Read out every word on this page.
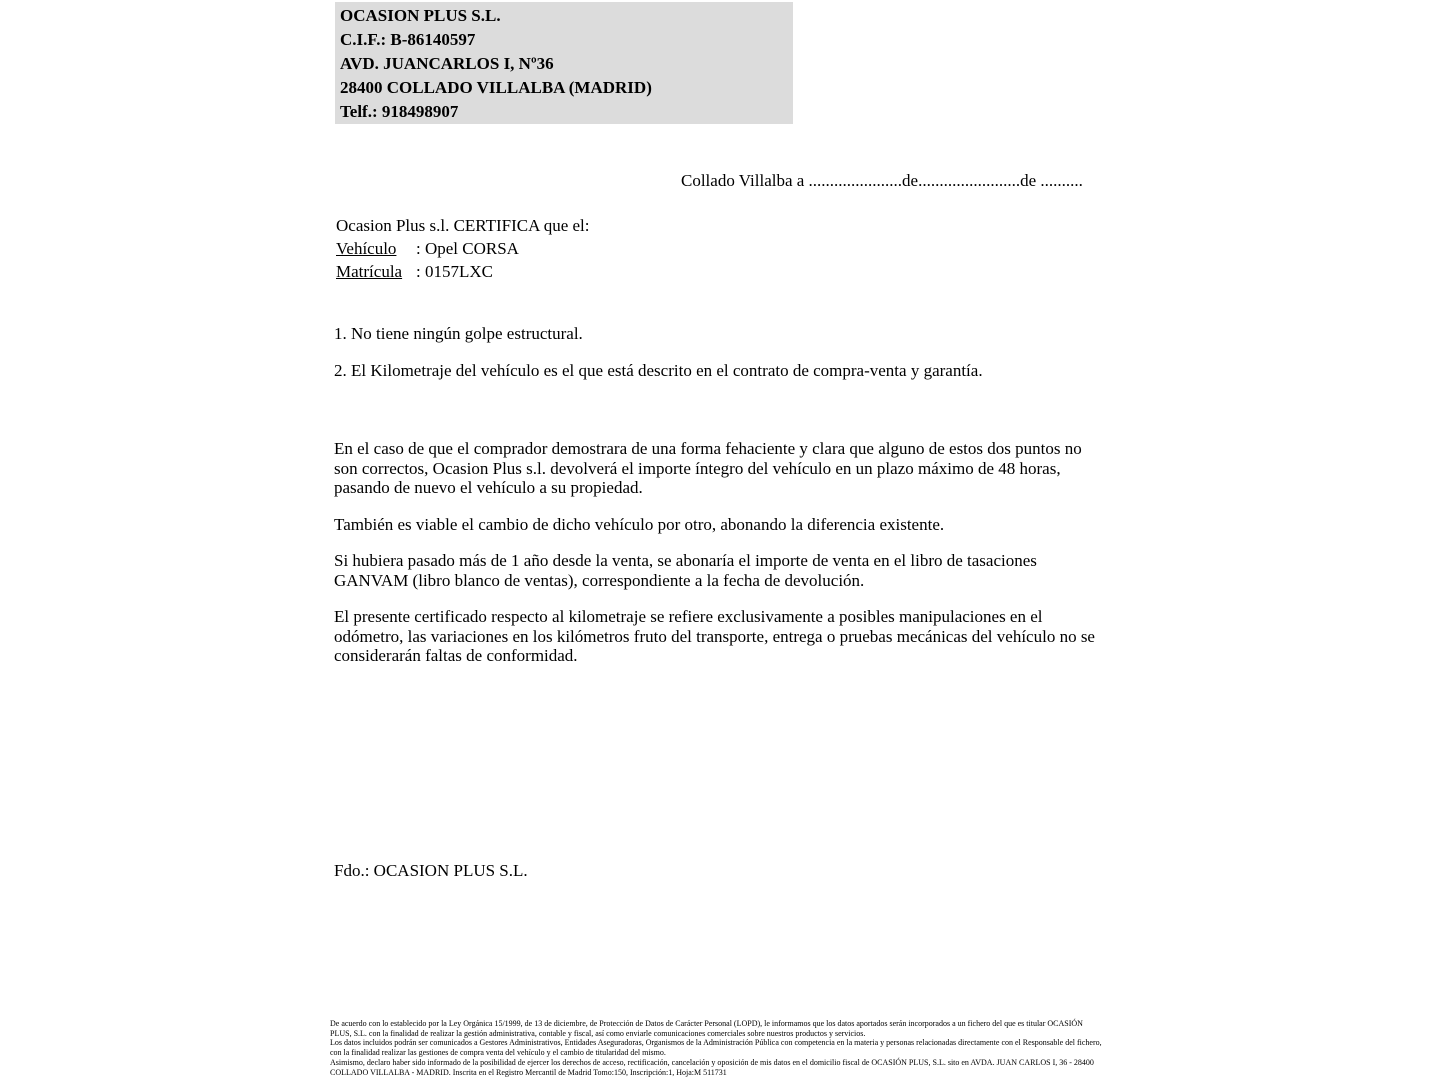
OCASION PLUS S.L.
C.I.F.: B-86140597
AVD. JUANCARLOS I, Nº36
28400 COLLADO VILLALBA (MADRID)
Telf.: 918498907
Collado Villalba a ......................de........................de ..........
Ocasion Plus s.l. CERTIFICA que el:
Vehículo : Opel CORSA
Matrícula : 0157LXC
1. No tiene ningún golpe estructural.
2. El Kilometraje del vehículo es el que está descrito en el contrato de compra-venta y garantía.

En el caso de que el comprador demostrara de una forma fehaciente y clara que alguno de estos dos puntos no son correctos, Ocasion Plus s.l. devolverá el importe íntegro del vehículo en un plazo máximo de 48 horas, pasando de nuevo el vehículo a su propiedad.

También es viable el cambio de dicho vehículo por otro, abonando la diferencia existente.

Si hubiera pasado más de 1 año desde la venta, se abonaría el importe de venta en el libro de tasaciones GANVAM (libro blanco de ventas), correspondiente a la fecha de devolución.

El presente certificado respecto al kilometraje se refiere exclusivamente a posibles manipulaciones en el odómetro, las variaciones en los kilómetros fruto del transporte, entrega o pruebas mecánicas del vehículo no se considerarán faltas de conformidad.

Fdo.: OCASION PLUS S.L.

De acuerdo con lo establecido por la Ley Orgánica 15/1999, de 13 de diciembre, de Protección de Datos de Carácter Personal (LOPD), le informamos que los datos aportados serán incorporados a un fichero del que es titular OCASIÓN PLUS, S.L. con la finalidad de realizar la gestión administrativa, contable y fiscal, así como enviarle comunicaciones comerciales sobre nuestros productos y servicios.

Los datos incluidos podrán ser comunicados a Gestores Administrativos, Entidades Aseguradoras, Organismos de la Administración Pública con competencia en la materia y personas relacionadas directamente con el Responsable del fichero, con la finalidad realizar las gestiones de compra venta del vehículo y el cambio de titularidad del mismo.

Asimismo, declaro haber sido informado de la posibilidad de ejercer los derechos de acceso, rectificación, cancelación y oposición de mis datos en el domicilio fiscal de OCASIÓN PLUS, S.L. sito en AVDA. JUAN CARLOS I, 36 - 28400 COLLADO VILLALBA - MADRID. Inscrita en el Registro Mercantil de Madrid Tomo:150, Inscripción:1, Hoja:M 511731
